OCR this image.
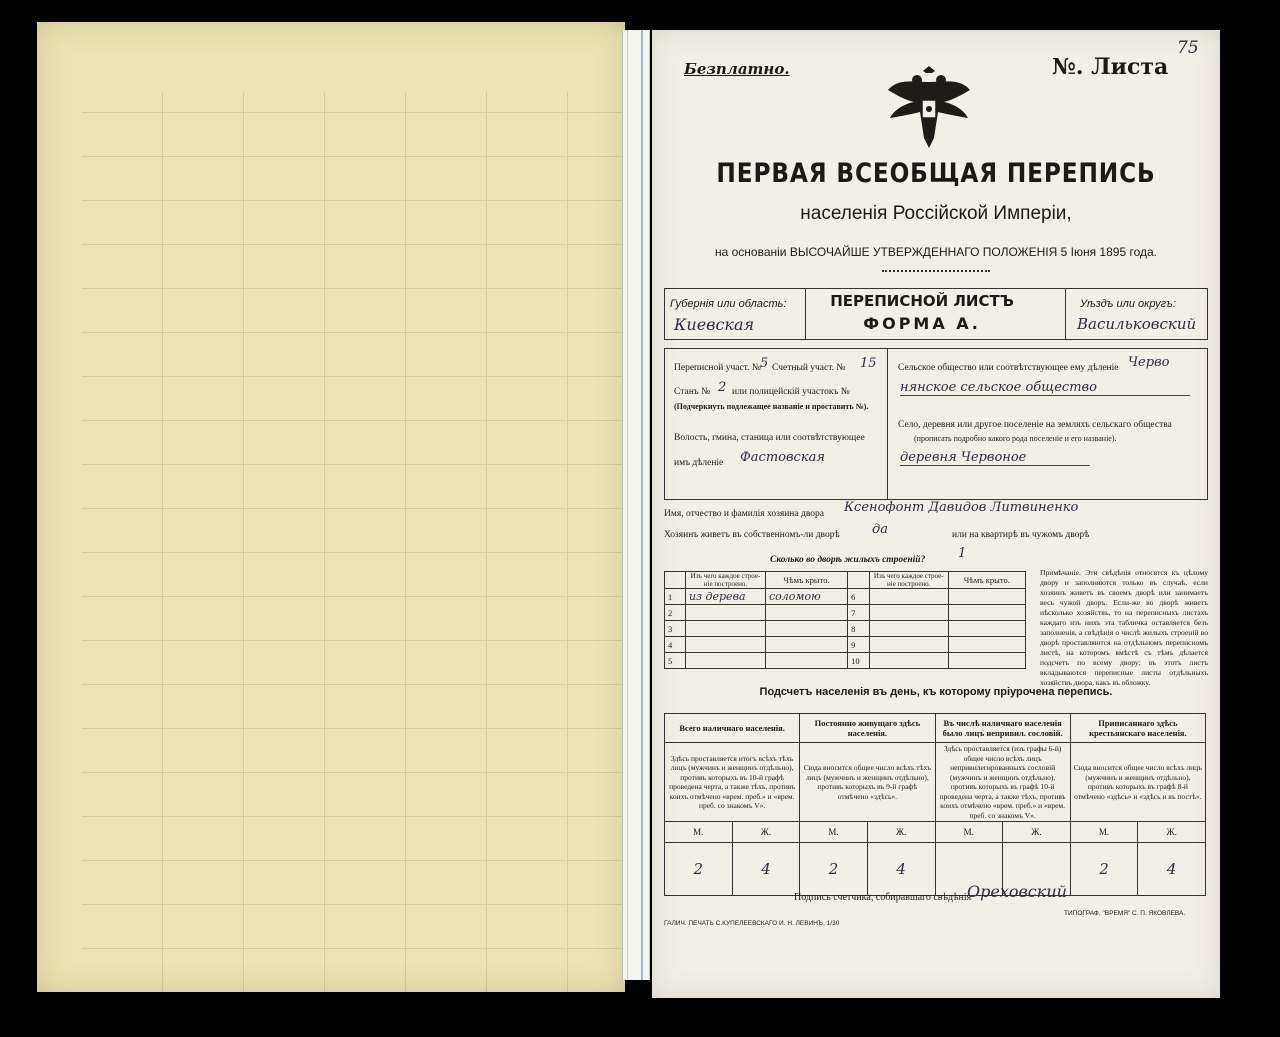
Безплатно.	№. Листа
75
ПЕРВАЯ ВСЕОБЩАЯ ПЕРЕПИСЬ
населенія Россійской Имперіи,
на основаніи ВЫСОЧАЙШЕ УТВЕРЖДЕННАГО ПОЛОЖЕНІЯ 5 Іюня 1895 года.
Губернія или область:
Киевская
ПЕРЕПИСНОЙ ЛИСТЪ
ФОРМА А.
Уѣздъ или округъ:
Васильковский
Переписной участ. № 5 Счетный участ. № 15
Станъ № 2 или полицейскій участокъ №
(Подчеркнуть подлежащее названіе и проставить №).
Волость, гмина, станица или соотвѣтствующее
имъ дѣленіе Фастовская
Сельское общество или соотвѣтствующее ему дѣленіе Черво
нянское сельское общество
Село, деревня или другое поселеніе на земляхъ сельскаго общества
(прописать подробно какого рода поселеніе и его названіе).
деревня Червоное
Имя, отчество и фамилія хозяина двора Ксенофонт Давидов Литвиненко
Хозяинъ живетъ въ собственномъ-ли дворѣ да	или на квартирѣ въ чужомъ дворѣ
Сколько во дворѣ жилыхъ строеній?	1
	Изъ чего каждое строе-ніе построено.	Чѣмъ крыто.		Изъ чего каждое строе-ніе построено.	Чѣмъ крыто.
1	из дерева	соломою	6		
2			7		
3			8		
4			9		
5			10		
Примѣчаніе. Эти свѣдѣнія относятся къ цѣлому двору и заполняются только въ случаѣ, если хозяинъ живетъ въ своемъ дворѣ или занимаетъ весь чужой дворъ. Если-же во дворѣ живетъ нѣсколько хозяйствъ, то на переписныхъ листахъ каждаго изъ нихъ эта табличка оставляется безъ заполненія, а свѣдѣнія о числѣ жилыхъ строеній во дворѣ проставляются на отдѣльномъ переписномъ листѣ, на которомъ вмѣстѣ съ тѣмъ дѣлается подсчетъ по всему двору; въ этотъ листъ вкладываются переписные листы отдѣльныхъ хозяйствъ двора, какъ въ обложку.
Подсчетъ населенія въ день, къ которому пріурочена перепись.
Всего наличнаго населенія.		Постоянно живущаго здѣсь населенія.		Въ числѣ наличнаго населенія было лицъ непривил. сословій.		Приписаннаго здѣсь крестьянскаго населенія.	
Здѣсь проставляется итогъ всѣхъ тѣхъ лицъ (мужчинъ и женщинъ отдѣльно), противъ которыхъ въ 10-й графѣ проведена черта, а также тѣхъ, противъ коихъ отмѣчено «врем. преб.» и «врем. преб. со знакомъ V».		Сюда вносится общее число всѣхъ тѣхъ лицъ (мужчинъ и женщинъ отдѣльно), противъ которыхъ въ 9-й графѣ отмѣчено «здѣсь».		Здѣсь проставляется (изъ графы 6-й) общее число всѣхъ лицъ непривилегированныхъ сословій (мужчинъ и женщинъ отдѣльно), противъ которыхъ въ графѣ 10-й проведена черта, а также тѣхъ, противъ коихъ отмѣчено «врем. преб.» и «врем. преб. со знакомъ V».		Сюда вносится общее число всѣхъ лицъ (мужчинъ и женщинъ отдѣльно), противъ которыхъ въ графѣ 8-й отмѣчено «здѣсь» и «здѣсь и въ постѣ».	
М.	Ж.	М.	Ж.	М.	Ж.	М.	Ж.
2	4	2	4			2	4
Подпись счетчика, собиравшаго свѣдѣнія
Ореховский
ГАЛИЧ. ПЕЧАТЬ С.КУПЕЛЕЕВСКАГО И. Н. ЛЕВИНЪ, 1/30
ТИПОГРАФ. "ВРЕМЯ" С. П. ЯКОВЛЕВА.
